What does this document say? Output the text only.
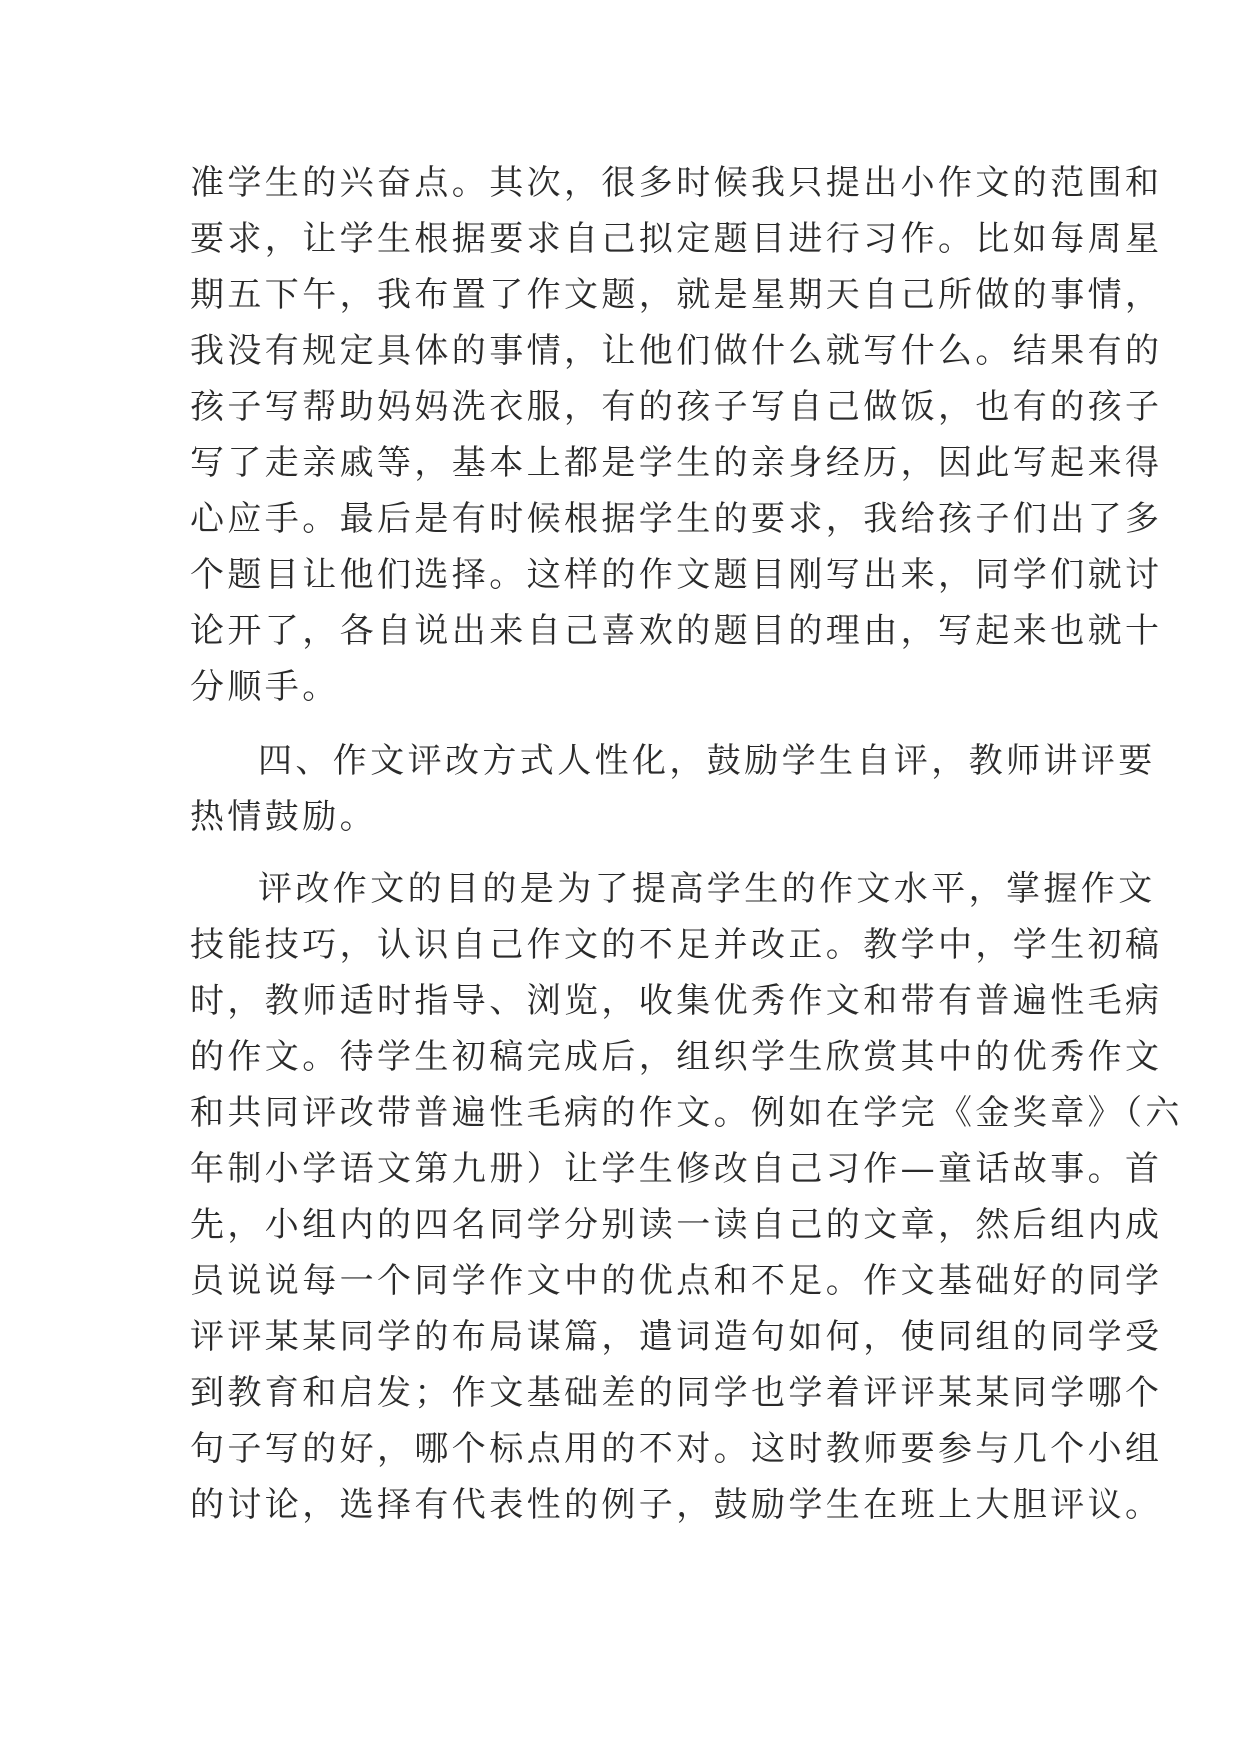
准学生的兴奋点。其次，很多时候我只提出小作文的范围和
要求，让学生根据要求自己拟定题目进行习作。比如每周星
期五下午，我布置了作文题，就是星期天自己所做的事情，
我没有规定具体的事情，让他们做什么就写什么。结果有的
孩子写帮助妈妈洗衣服，有的孩子写自己做饭，也有的孩子
写了走亲戚等，基本上都是学生的亲身经历，因此写起来得
心应手。最后是有时候根据学生的要求，我给孩子们出了多
个题目让他们选择。这样的作文题目刚写出来，同学们就讨
论开了，各自说出来自己喜欢的题目的理由，写起来也就十
分顺手。
四、作文评改方式人性化，鼓励学生自评，教师讲评要
热情鼓励。
评改作文的目的是为了提高学生的作文水平，掌握作文
技能技巧，认识自己作文的不足并改正。教学中，学生初稿
时，教师适时指导、浏览，收集优秀作文和带有普遍性毛病
的作文。待学生初稿完成后，组织学生欣赏其中的优秀作文
和共同评改带普遍性毛病的作文。例如在学完《金奖章》（六
年制小学语文第九册）让学生修改自己习作—童话故事。首
先，小组内的四名同学分别读一读自己的文章，然后组内成
员说说每一个同学作文中的优点和不足。作文基础好的同学
评评某某同学的布局谋篇，遣词造句如何，使同组的同学受
到教育和启发；作文基础差的同学也学着评评某某同学哪个
句子写的好，哪个标点用的不对。这时教师要参与几个小组
的讨论，选择有代表性的例子，鼓励学生在班上大胆评议。
